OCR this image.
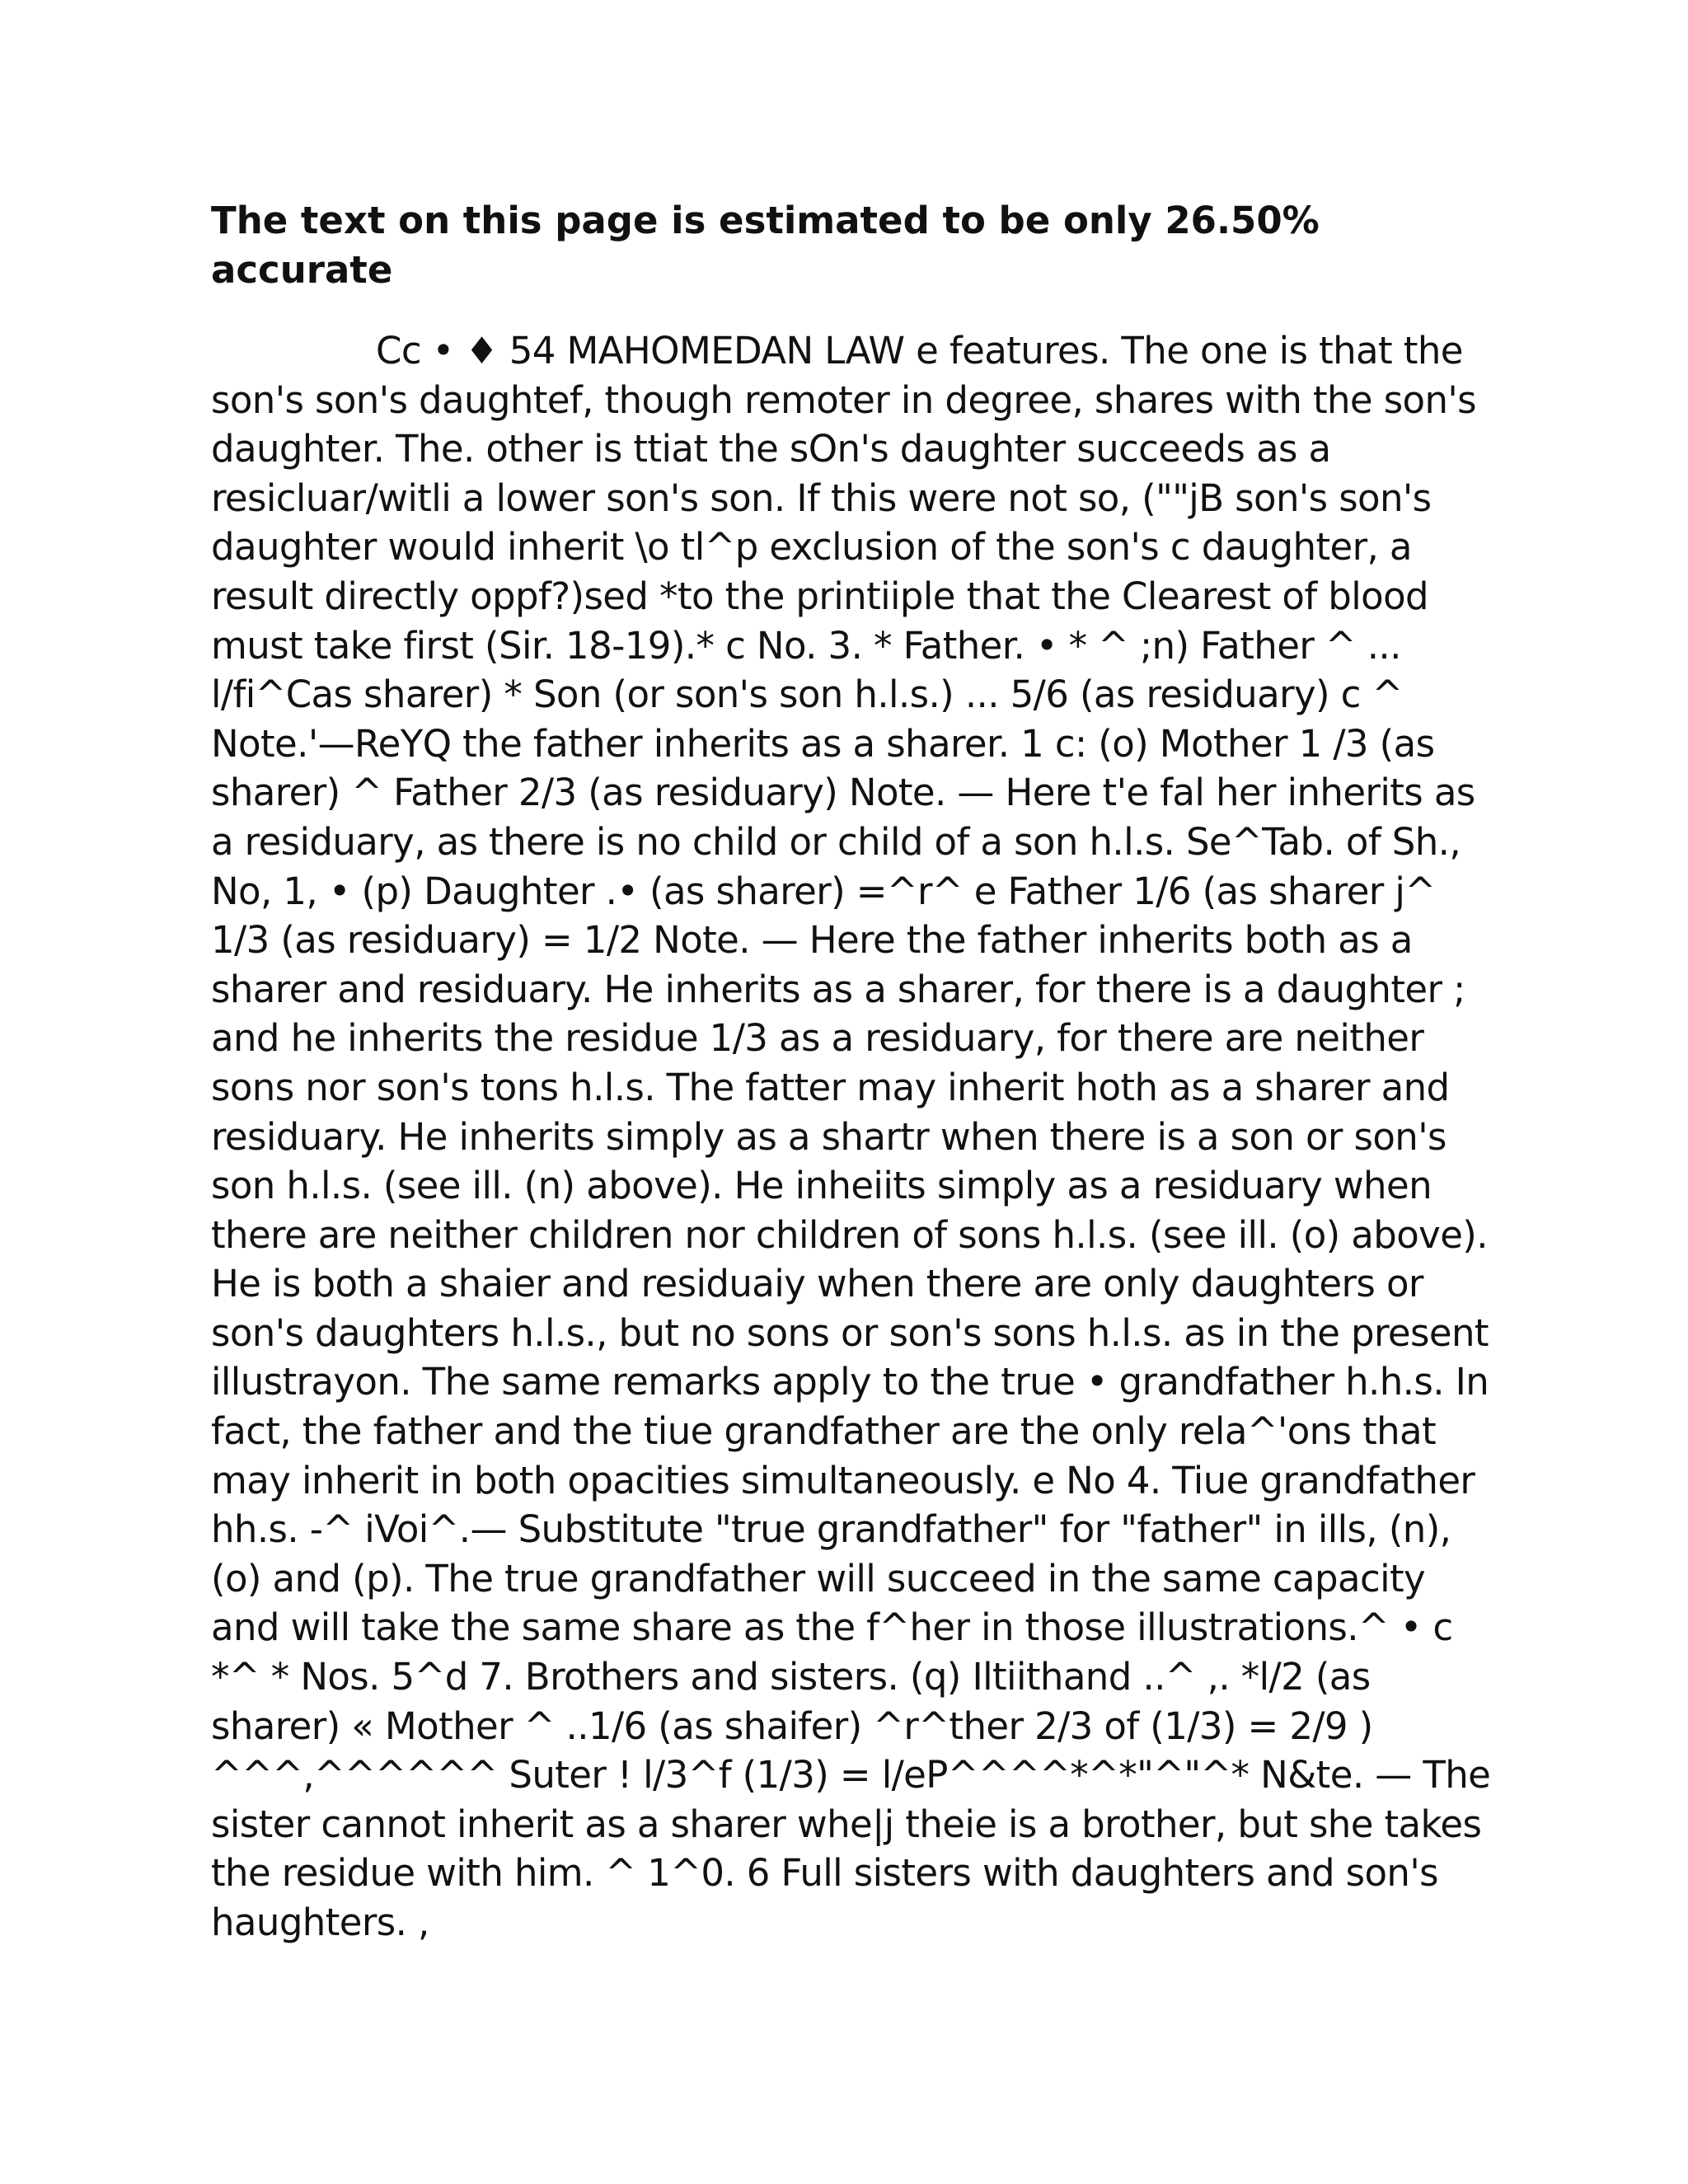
The text on this page is estimated to be only 26.50% accurate

Cc • ♦ 54 MAHOMEDAN LAW e features. The one is that the son's son's daughtef, though remoter in degree, shares with the son's daughter. The. other is ttiat the sOn's daughter succeeds as a resicluar/witli a lower son's son. If this were not so, (""jB son's son's daughter would inherit \o tl^p exclusion of the son's c daughter, a result directly oppf?)sed *to the printiiple that the Clearest of blood must take first (Sir. 18-19).* c No. 3. * Father. • * ^ ;n) Father ^ ... l/fi^Cas sharer) * Son (or son's son h.l.s.) ... 5/6 (as residuary) c ^ Note.'—ReYQ the father inherits as a sharer. 1 c: (o) Mother 1 /3 (as sharer) ^ Father 2/3 (as residuary) Note. — Here t'e fal her inherits as a residuary, as there is no child or child of a son h.l.s. Se^Tab. of Sh., No, 1, • (p) Daughter .• (as sharer) =^r^ e Father 1/6 (as sharer j^ 1/3 (as residuary) = 1/2 Note. — Here the father inherits both as a sharer and residuary. He inherits as a sharer, for there is a daughter ; and he inherits the residue 1/3 as a residuary, for there are neither sons nor son's tons h.l.s. The fatter may inherit hoth as a sharer and residuary. He inherits simply as a shartr when there is a son or son's son h.l.s. (see ill. (n) above). He inheiits simply as a residuary when there are neither children nor children of sons h.l.s. (see ill. (o) above). He is both a shaier and residuaiy when there are only daughters or son's daughters h.l.s., but no sons or son's sons h.l.s. as in the present illustrayon. The same remarks apply to the true • grandfather h.h.s. In fact, the father and the tiue grandfather are the only rela^'ons that may inherit in both opacities simultaneously. e No 4. Tiue grandfather hh.s. -^ iVoi^.— Substitute "true grandfather" for "father" in ills, (n), (o) and (p). The true grandfather will succeed in the same capacity and will take the same share as the f^her in those illustrations.^ • c *^ * Nos. 5^d 7. Brothers and sisters. (q) Iltiithand ..^ ,. *l/2 (as sharer) « Mother ^ ..1/6 (as shaifer) ^r^ther 2/3 of (1/3) = 2/9 ) ^^^,^^^^^^ Suter ! l/3^f (1/3) = l/eP^^^^*^*"^"^* N&te. — The sister cannot inherit as a sharer whe|j theie is a brother, but she takes the residue with him. ^ 1^0. 6 Full sisters with daughters and son's haughters. ,
